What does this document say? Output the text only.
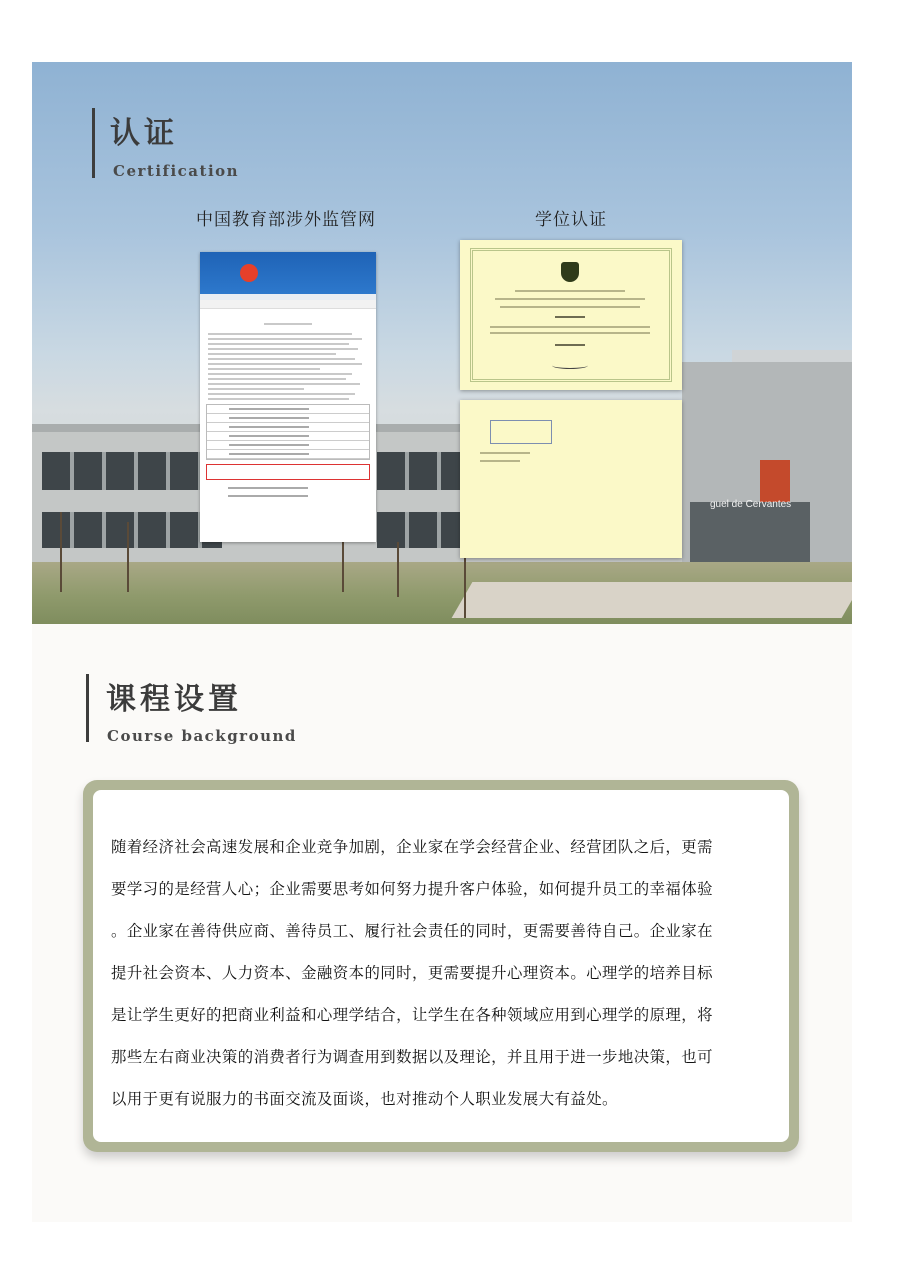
guel de Cervantes
认证
Certification
中国教育部涉外监管网	学位认证
课程设置
Course background
随着经济社会高速发展和企业竞争加剧，企业家在学会经营企业、经营团队之后，更需
要学习的是经营人心；企业需要思考如何努力提升客户体验，如何提升员工的幸福体验
。企业家在善待供应商、善待员工、履行社会责任的同时，更需要善待自己。企业家在
提升社会资本、人力资本、金融资本的同时，更需要提升心理资本。心理学的培养目标
是让学生更好的把商业利益和心理学结合，让学生在各种领域应用到心理学的原理，将
那些左右商业决策的消费者行为调查用到数据以及理论，并且用于进一步地决策，也可
以用于更有说服力的书面交流及面谈，也对推动个人职业发展大有益处。
